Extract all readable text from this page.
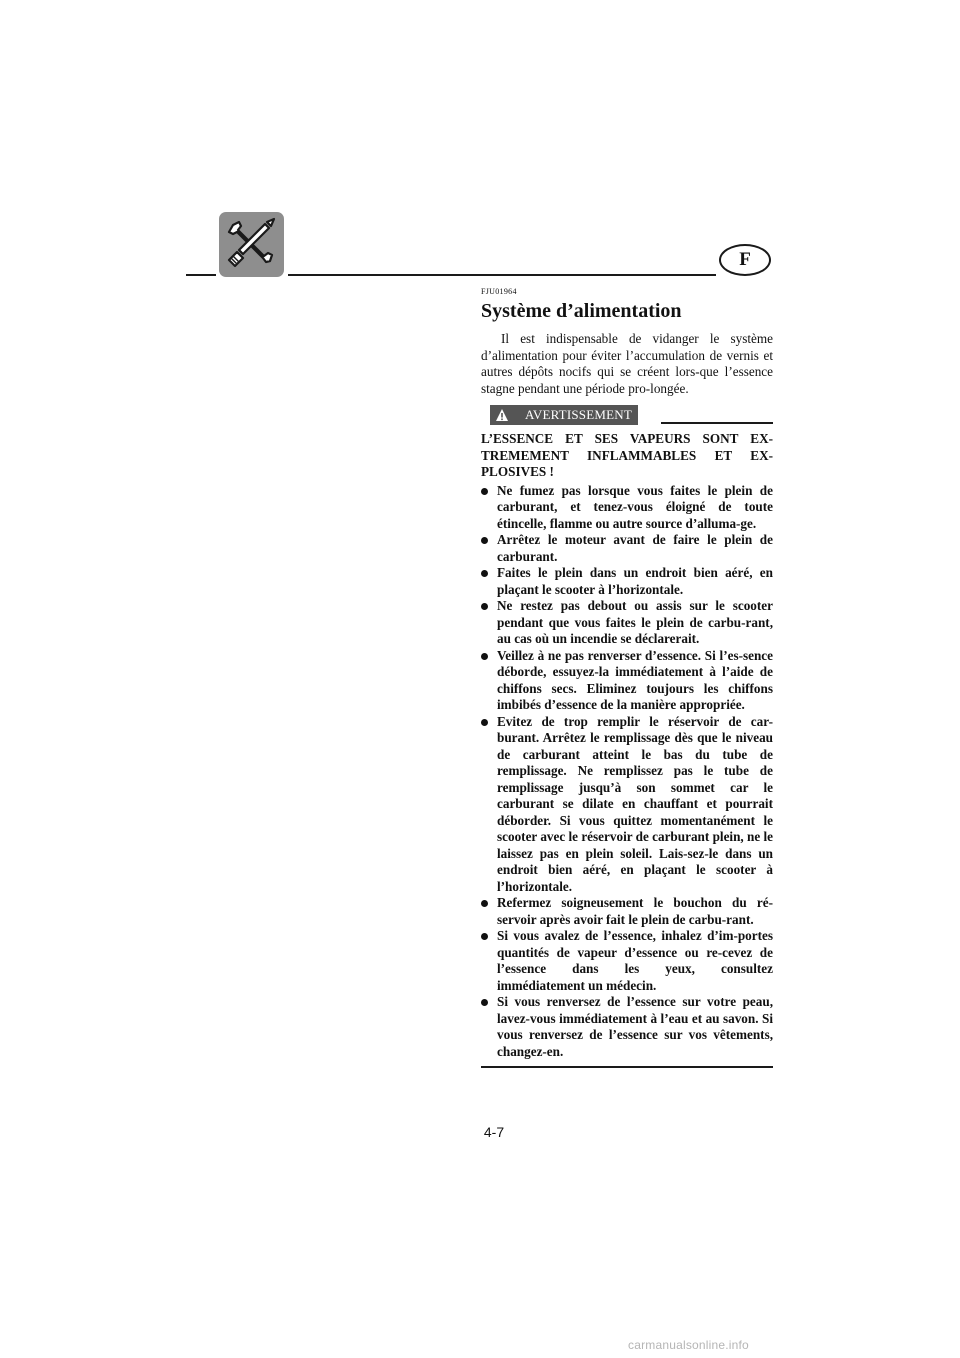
F
FJU01964
Système d’alimentation

Il est indispensable de vidanger le système d’alimentation pour éviter l’accumulation de vernis et autres dépôts nocifs qui se créent lors-que l’essence stagne pendant une période pro-longée.

AVERTISSEMENT

L’ESSENCE ET SES VAPEURS SONT EX-TREMEMENT INFLAMMABLES ET EX-PLOSIVES !

Ne fumez pas lorsque vous faites le plein de carburant, et tenez-vous éloigné de toute étincelle, flamme ou autre source d’alluma-ge.
Arrêtez le moteur avant de faire le plein de carburant.
Faites le plein dans un endroit bien aéré, en plaçant le scooter à l’horizontale.
Ne restez pas debout ou assis sur le scooter pendant que vous faites le plein de carbu-rant, au cas où un incendie se déclarerait.
Veillez à ne pas renverser d’essence. Si l’es-sence déborde, essuyez-la immédiatement à l’aide de chiffons secs. Eliminez toujours les chiffons imbibés d’essence de la manière appropriée.
Evitez de trop remplir le réservoir de car-burant. Arrêtez le remplissage dès que le niveau de carburant atteint le bas du tube de remplissage. Ne remplissez pas le tube de remplissage jusqu’à son sommet car le carburant se dilate en chauffant et pourrait déborder. Si vous quittez momentanément le scooter avec le réservoir de carburant plein, ne le laissez pas en plein soleil. Lais-sez-le dans un endroit bien aéré, en plaçant le scooter à l’horizontale.
Refermez soigneusement le bouchon du ré-servoir après avoir fait le plein de carbu-rant.
Si vous avalez de l’essence, inhalez d’im-portes quantités de vapeur d’essence ou re-cevez de l’essence dans les yeux, consultez immédiatement un médecin.
Si vous renversez de l’essence sur votre peau, lavez-vous immédiatement à l’eau et au savon. Si vous renversez de l’essence sur vos vêtements, changez-en.
4-7
carmanualsonline.info
